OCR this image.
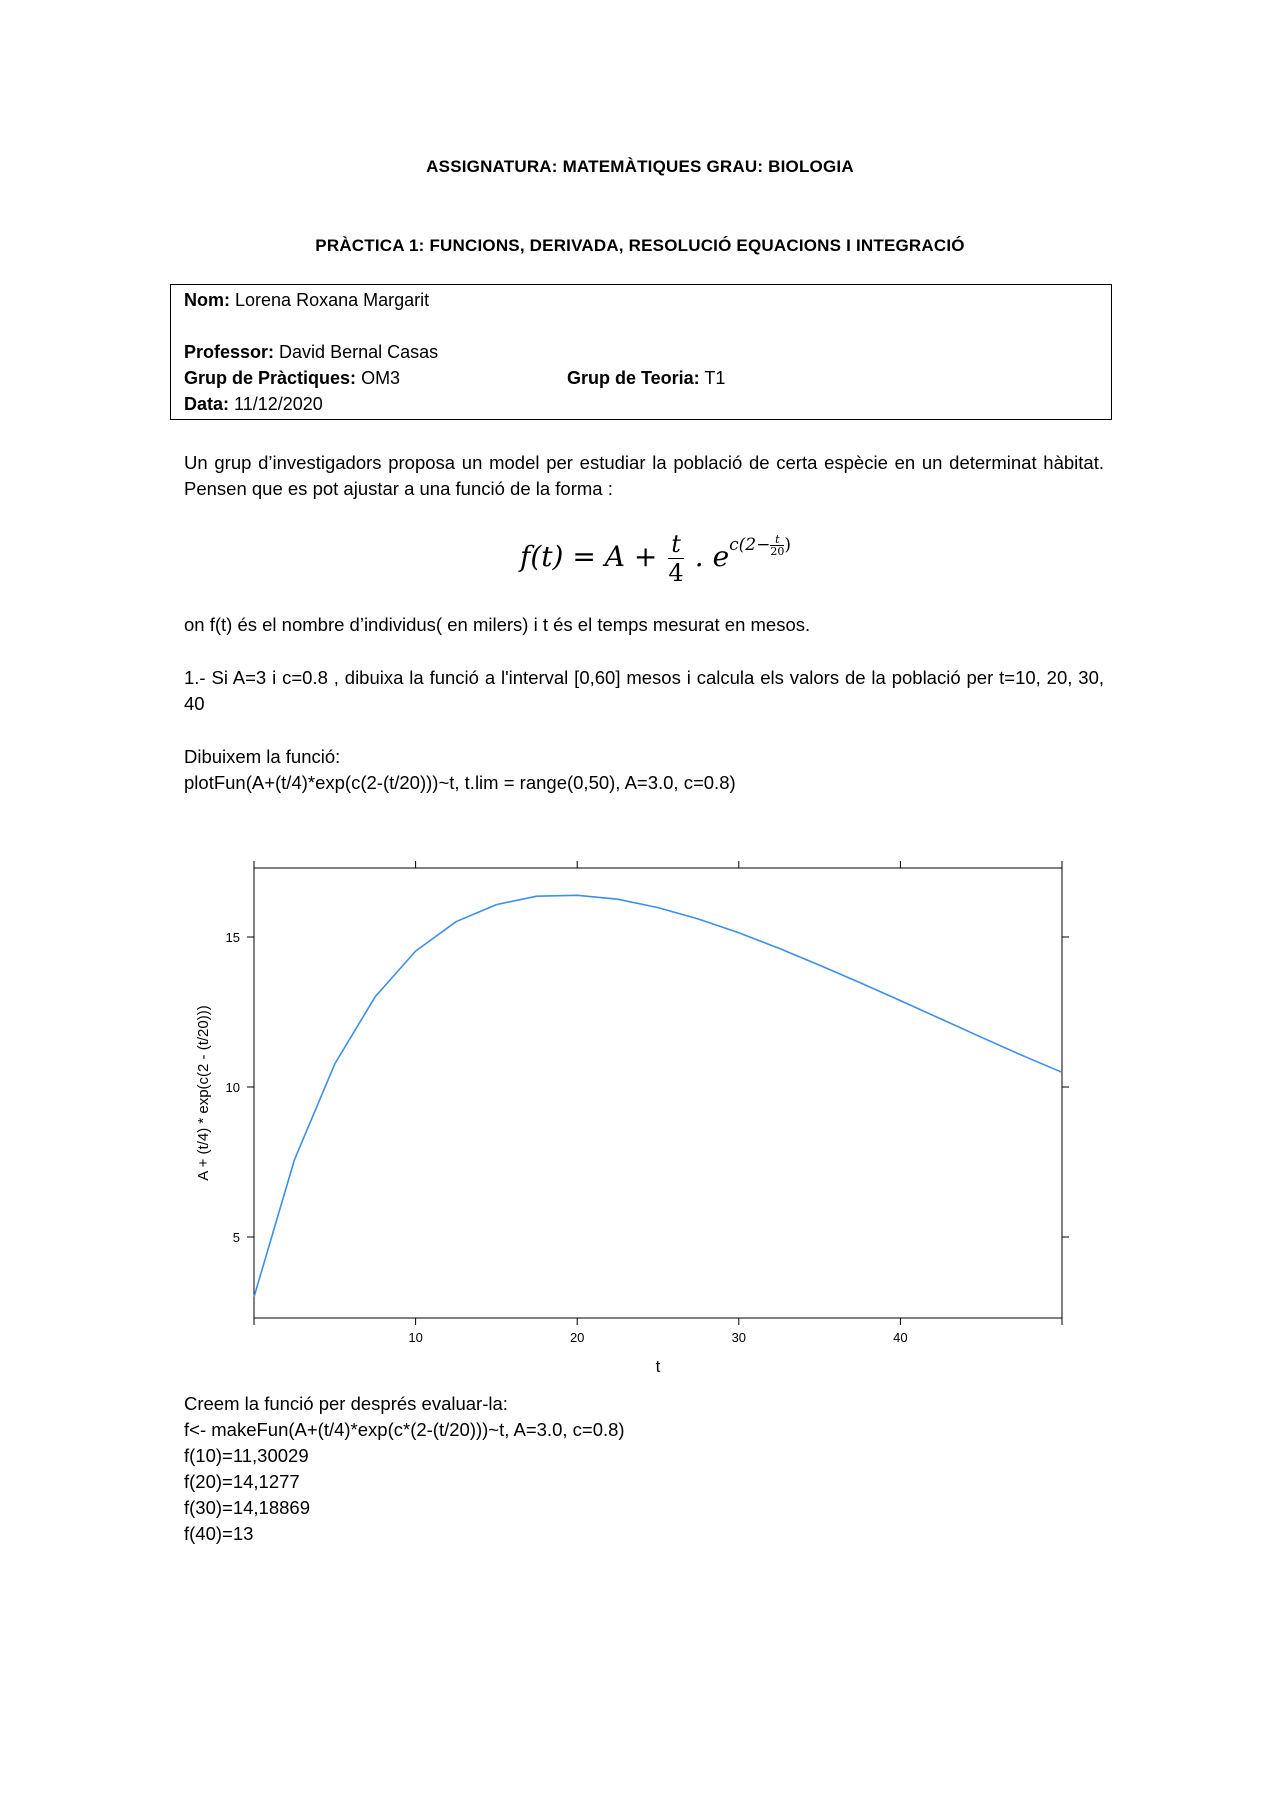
ASSIGNATURA: MATEMÀTIQUES GRAU: BIOLOGIA
PRÀCTICA 1: FUNCIONS, DERIVADA, RESOLUCIÓ EQUACIONS I INTEGRACIÓ
Nom: Lorena Roxana Margarit
Professor: David Bernal Casas
Grup de Pràctiques: OM3	Grup de Teoria: T1
Data: 11/12/2020
Un grup d’investigadors proposa un model per estudiar la població de certa espècie en un determinat hàbitat. Pensen que es pot ajustar a una funció de la forma :
$f(t) = A + \frac{t}{4}$ . $e^{c(2- \frac{t}{20} )}$
on f(t) és el nombre d’individus( en milers) i t és el temps mesurat en mesos.
1.- Si A=3 i c=0.8 , dibuixa la funció a l'interval [0,60] mesos i calcula els valors de la població per t=10, 20, 30, 40
Dibuixem la funció:
plotFun(A+(t/4)*exp(c(2-(t/20)))~t, t.lim = range(0,50), A=3.0, c=0.8)
10	20	30	40
5
10
15
t
A + (t/4) * exp(c(2 - (t/20)))
Creem la funció per després evaluar-la:
f<- makeFun(A+(t/4)*exp(c*(2-(t/20)))~t, A=3.0, c=0.8)
f(10)=11,30029
f(20)=14,1277
f(30)=14,18869
f(40)=13
